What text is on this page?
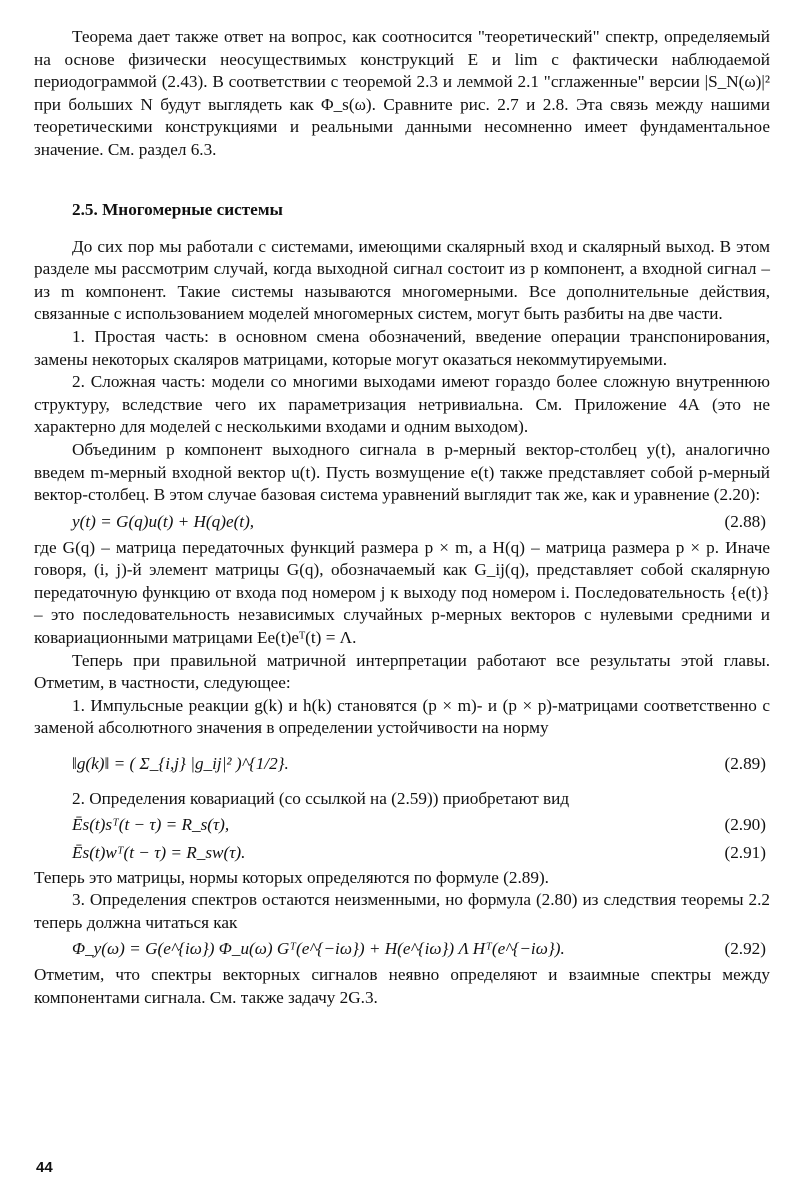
Теорема дает также ответ на вопрос, как соотносится "теоретический" спектр, определяемый на основе физически неосуществимых конструкций E и lim с фактически наблюдаемой периодограммой (2.43). В соответствии с теоремой 2.3 и леммой 2.1 "сглаженные" версии |S_N(ω)|² при больших N будут выглядеть как Φ_s(ω). Сравните рис. 2.7 и 2.8. Эта связь между нашими теоретическими конструкциями и реальными данными несомненно имеет фундаментальное значение. См. раздел 6.3.

2.5. Многомерные системы

До сих пор мы работали с системами, имеющими скалярный вход и скалярный выход. В этом разделе мы рассмотрим случай, когда выходной сигнал состоит из p компонент, а входной сигнал – из m компонент. Такие системы называются многомерными. Все дополнительные действия, связанные с использованием моделей многомерных систем, могут быть разбиты на две части.

1. Простая часть: в основном смена обозначений, введение операции транспонирования, замены некоторых скаляров матрицами, которые могут оказаться некоммутируемыми.

2. Сложная часть: модели со многими выходами имеют гораздо более сложную внутреннюю структуру, вследствие чего их параметризация нетривиальна. См. Приложение 4А (это не характерно для моделей с несколькими входами и одним выходом).

Объединим p компонент выходного сигнала в p-мерный вектор-столбец y(t), аналогично введем m-мерный входной вектор u(t). Пусть возмущение e(t) также представляет собой p-мерный вектор-столбец. В этом случае базовая система уравнений выглядит так же, как и уравнение (2.20):

y(t) = G(q)u(t) + H(q)e(t),	(2.88)

где G(q) – матрица передаточных функций размера p × m, а H(q) – матрица размера p × p. Иначе говоря, (i, j)-й элемент матрицы G(q), обозначаемый как G_ij(q), представляет собой скалярную передаточную функцию от входа под номером j к выходу под номером i. Последовательность {e(t)} – это последовательность независимых случайных p-мерных векторов с нулевыми средними и ковариационными матрицами Ee(t)eᵀ(t) = Λ.

Теперь при правильной матричной интерпретации работают все результаты этой главы. Отметим, в частности, следующее:

1. Импульсные реакции g(k) и h(k) становятся (p × m)- и (p × p)-матрицами соответственно с заменой абсолютного значения в определении устойчивости на норму

‖g(k)‖ = ( Σ_{i,j} |g_ij|² )^{1/2}.	(2.89)

2. Определения ковариаций (со ссылкой на (2.59)) приобретают вид

Ēs(t)sᵀ(t − τ) = R_s(τ),	(2.90)
Ēs(t)wᵀ(t − τ) = R_sw(τ).	(2.91)

Теперь это матрицы, нормы которых определяются по формуле (2.89).

3. Определения спектров остаются неизменными, но формула (2.80) из следствия теоремы 2.2 теперь должна читаться как

Φ_y(ω) = G(e^{iω}) Φ_u(ω) Gᵀ(e^{−iω}) + H(e^{iω}) Λ Hᵀ(e^{−iω}).	(2.92)

Отметим, что спектры векторных сигналов неявно определяют и взаимные спектры между компонентами сигнала. См. также задачу 2G.3.

44
